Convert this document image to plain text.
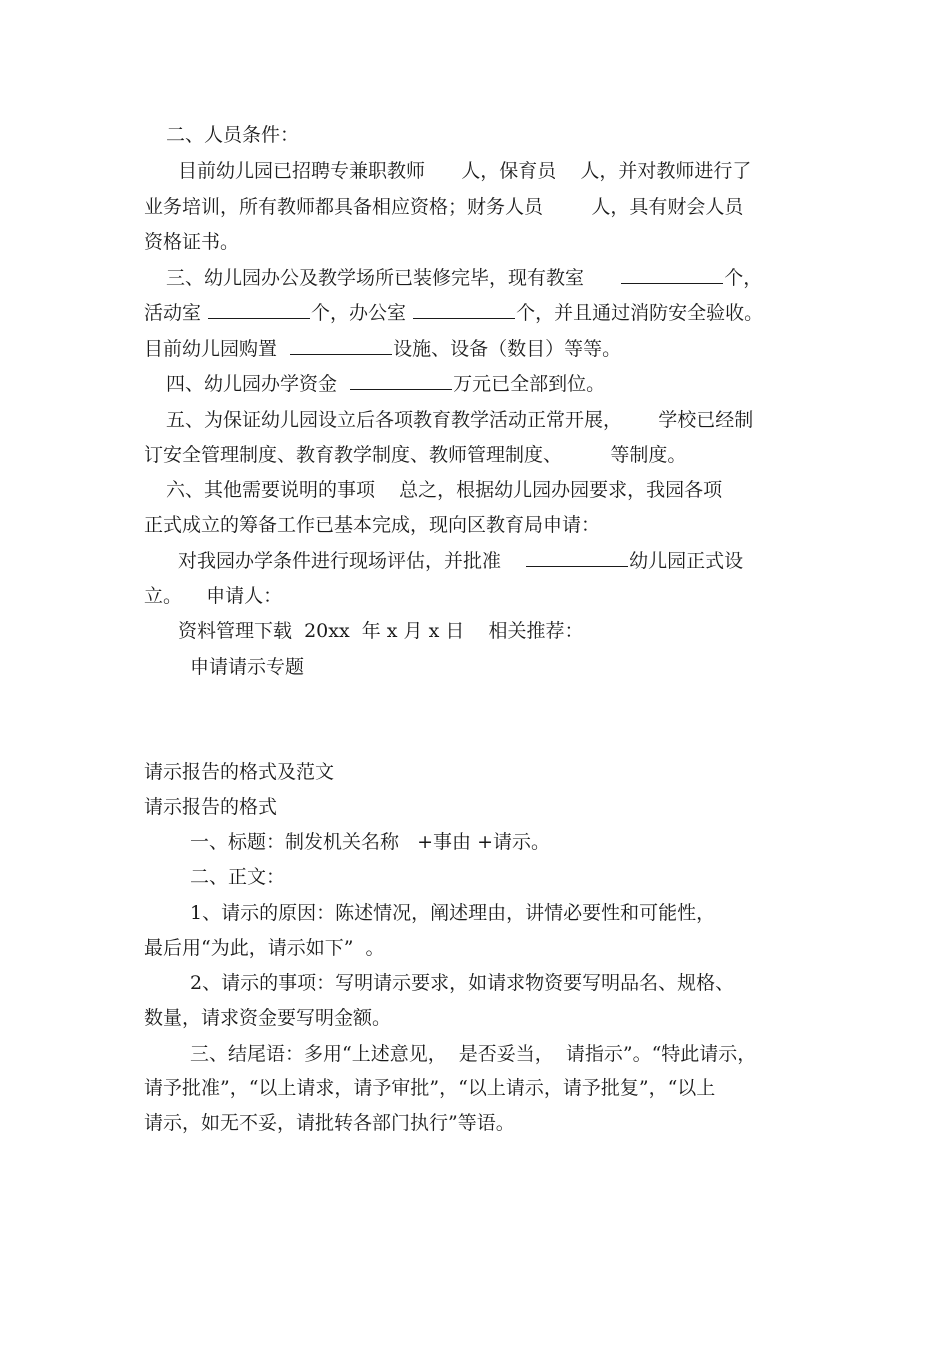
二、人员条件：
目前幼儿园已招聘专兼职教师      人，保育员    人，并对教师进行了
业务培训，所有教师都具备相应资格；财务人员        人，具有财会人员
资格证书。
三、幼儿园办公及教学场所已装修完毕，现有教室	个，
活动室	个，办公室	个，并且通过消防安全验收。
目前幼儿园购置	设施、设备（数目）等等。
四、幼儿园办学资金	万元已全部到位。
五、为保证幼儿园设立后各项教育教学活动正常开展，      学校已经制
订安全管理制度、教育教学制度、教师管理制度、        等制度。
六、其他需要说明的事项    总之，根据幼儿园办园要求，我园各项
正式成立的筹备工作已基本完成，现向区教育局申请：
对我园办学条件进行现场评估，并批准	幼儿园正式设
立。    申请人：
资料管理下载  20xx  年 x 月 x 日    相关推荐：
申请请示专题
请示报告的格式及范文
请示报告的格式
一、标题：制发机关名称   +事由 +请示。
二、正文：
1、请示的原因：陈述情况，阐述理由，讲情必要性和可能性，
最后用“为此，请示如下”  。
2、请示的事项：写明请示要求，如请求物资要写明品名、规格、
数量，请求资金要写明金额。
三、结尾语：多用“上述意见，  是否妥当，  请指示”。“特此请示，
请予批准”，“以上请求，请予审批”，“以上请示，请予批复”，“以上
请示，如无不妥，请批转各部门执行”等语。
